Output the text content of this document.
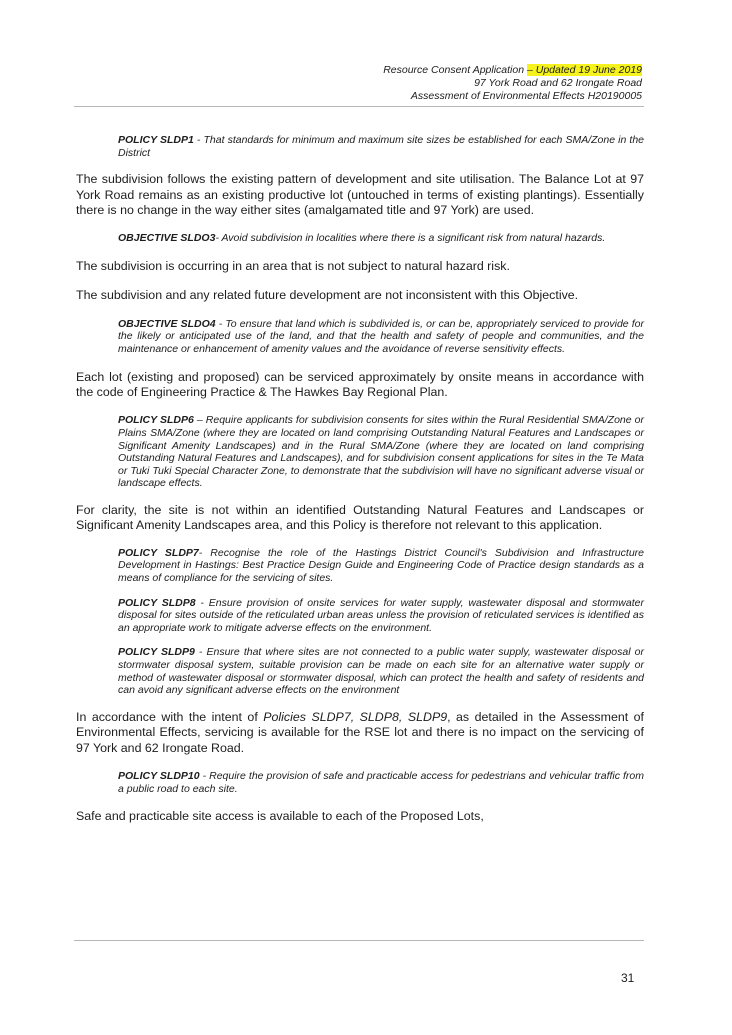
Resource Consent Application – Updated 19 June 2019
97 York Road and 62 Irongate Road
Assessment of Environmental Effects H20190005

POLICY SLDP1 - That standards for minimum and maximum site sizes be established for each SMA/Zone in the District

The subdivision follows the existing pattern of development and site utilisation. The Balance Lot at 97 York Road remains as an existing productive lot (untouched in terms of existing plantings). Essentially there is no change in the way either sites (amalgamated title and 97 York) are used.

OBJECTIVE SLDO3- Avoid subdivision in localities where there is a significant risk from natural hazards.

The subdivision is occurring in an area that is not subject to natural hazard risk.

The subdivision and any related future development are not inconsistent with this Objective.

OBJECTIVE SLDO4 - To ensure that land which is subdivided is, or can be, appropriately serviced to provide for the likely or anticipated use of the land, and that the health and safety of people and communities, and the maintenance or enhancement of amenity values and the avoidance of reverse sensitivity effects.

Each lot (existing and proposed) can be serviced approximately by onsite means in accordance with the code of Engineering Practice & The Hawkes Bay Regional Plan.

POLICY SLDP6 – Require applicants for subdivision consents for sites within the Rural Residential SMA/Zone or Plains SMA/Zone (where they are located on land comprising Outstanding Natural Features and Landscapes or Significant Amenity Landscapes) and in the Rural SMA/Zone (where they are located on land comprising Outstanding Natural Features and Landscapes), and for subdivision consent applications for sites in the Te Mata or Tuki Tuki Special Character Zone, to demonstrate that the subdivision will have no significant adverse visual or landscape effects.

For clarity, the site is not within an identified Outstanding Natural Features and Landscapes or Significant Amenity Landscapes area, and this Policy is therefore not relevant to this application.

POLICY SLDP7- Recognise the role of the Hastings District Council's Subdivision and Infrastructure Development in Hastings: Best Practice Design Guide and Engineering Code of Practice design standards as a means of compliance for the servicing of sites.

POLICY SLDP8 - Ensure provision of onsite services for water supply, wastewater disposal and stormwater disposal for sites outside of the reticulated urban areas unless the provision of reticulated services is identified as an appropriate work to mitigate adverse effects on the environment.

POLICY SLDP9 - Ensure that where sites are not connected to a public water supply, wastewater disposal or stormwater disposal system, suitable provision can be made on each site for an alternative water supply or method of wastewater disposal or stormwater disposal, which can protect the health and safety of residents and can avoid any significant adverse effects on the environment

In accordance with the intent of Policies SLDP7, SLDP8, SLDP9, as detailed in the Assessment of Environmental Effects, servicing is available for the RSE lot and there is no impact on the servicing of 97 York and 62 Irongate Road.

POLICY SLDP10 - Require the provision of safe and practicable access for pedestrians and vehicular traffic from a public road to each site.

Safe and practicable site access is available to each of the Proposed Lots,

31
